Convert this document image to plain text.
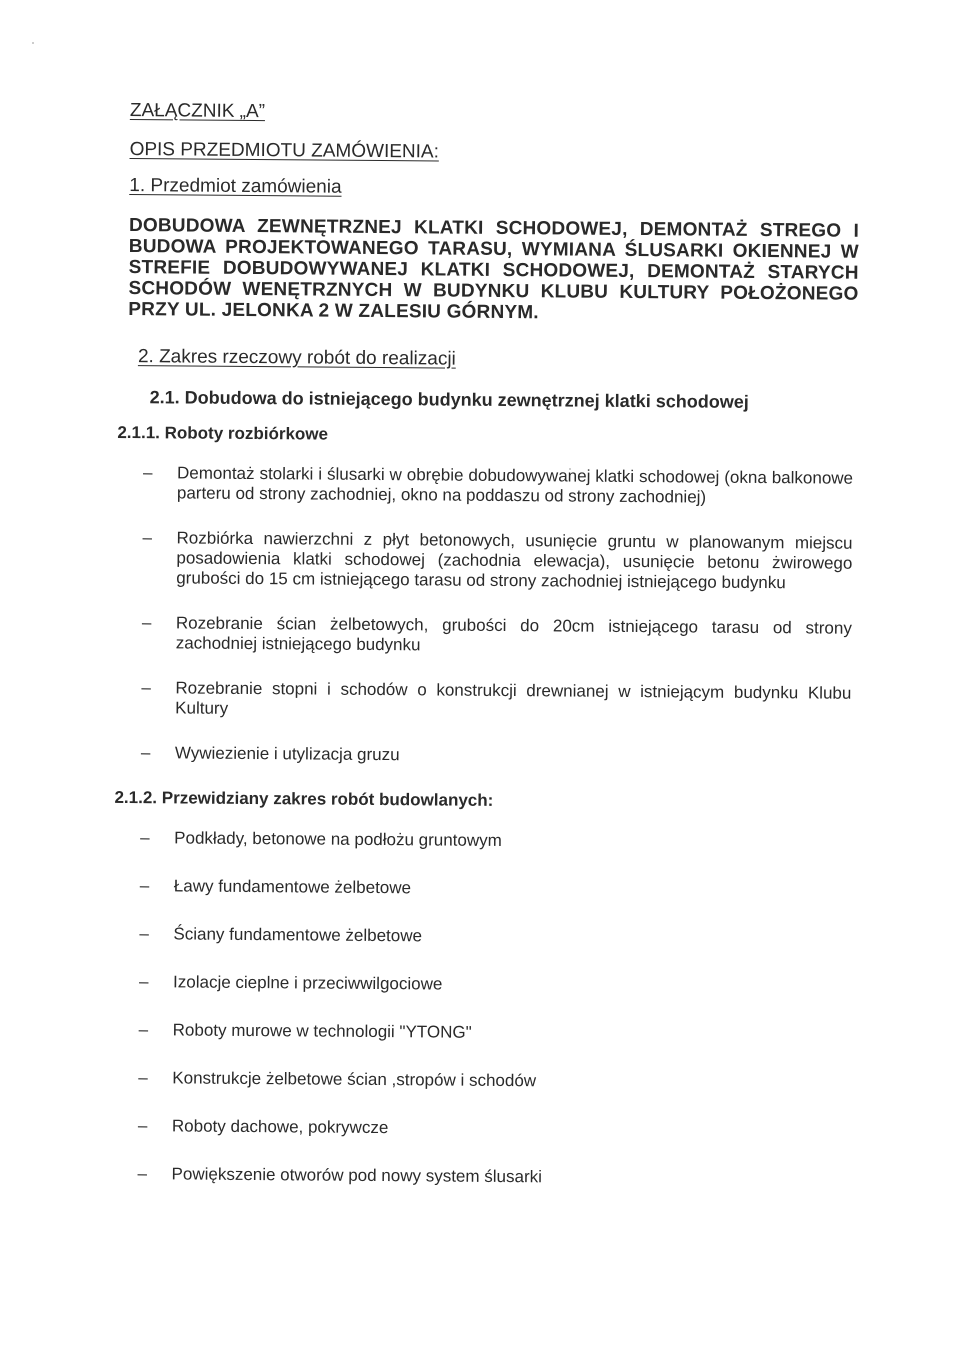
ZAŁĄCZNIK „A”
OPIS PRZEDMIOTU ZAMÓWIENIA:
1. Przedmiot zamówienia
DOBUDOWA ZEWNĘTRZNEJ KLATKI SCHODOWEJ, DEMONTAŻ STREGO I BUDOWA PROJEKTOWANEGO TARASU, WYMIANA ŚLUSARKI OKIENNEJ W STREFIE DOBUDOWYWANEJ KLATKI SCHODOWEJ, DEMONTAŻ STARYCH SCHODÓW WENĘTRZNYCH W BUDYNKU KLUBU KULTURY POŁOŻONEGO PRZY UL. JELONKA 2 W ZALESIU GÓRNYM.
2. Zakres rzeczowy robót do realizacji
2.1. Dobudowa do istniejącego budynku zewnętrznej klatki schodowej
2.1.1. Roboty rozbiórkowe
– Demontaż stolarki i ślusarki w obrębie dobudowywanej klatki schodowej (okna balkonowe parteru od strony zachodniej, okno na poddaszu od strony zachodniej)
– Rozbiórka nawierzchni z płyt betonowych, usunięcie gruntu w planowanym miejscu posadowienia klatki schodowej (zachodnia elewacja), usunięcie betonu żwirowego grubości do 15 cm istniejącego tarasu od strony zachodniej istniejącego budynku
– Rozebranie ścian żelbetowych, grubości do 20cm istniejącego tarasu od strony zachodniej istniejącego budynku
– Rozebranie stopni i schodów o konstrukcji drewnianej w istniejącym budynku Klubu Kultury
– Wywiezienie i utylizacja gruzu
2.1.2. Przewidziany zakres robót budowlanych:
– Podkłady, betonowe na podłożu gruntowym
– Ławy fundamentowe żelbetowe
– Ściany fundamentowe żelbetowe
– Izolacje cieplne i przeciwwilgociowe
– Roboty murowe w technologii "YTONG"
– Konstrukcje żelbetowe ścian ,stropów i schodów
– Roboty dachowe, pokrywcze
– Powiększenie otworów pod nowy system ślusarki
